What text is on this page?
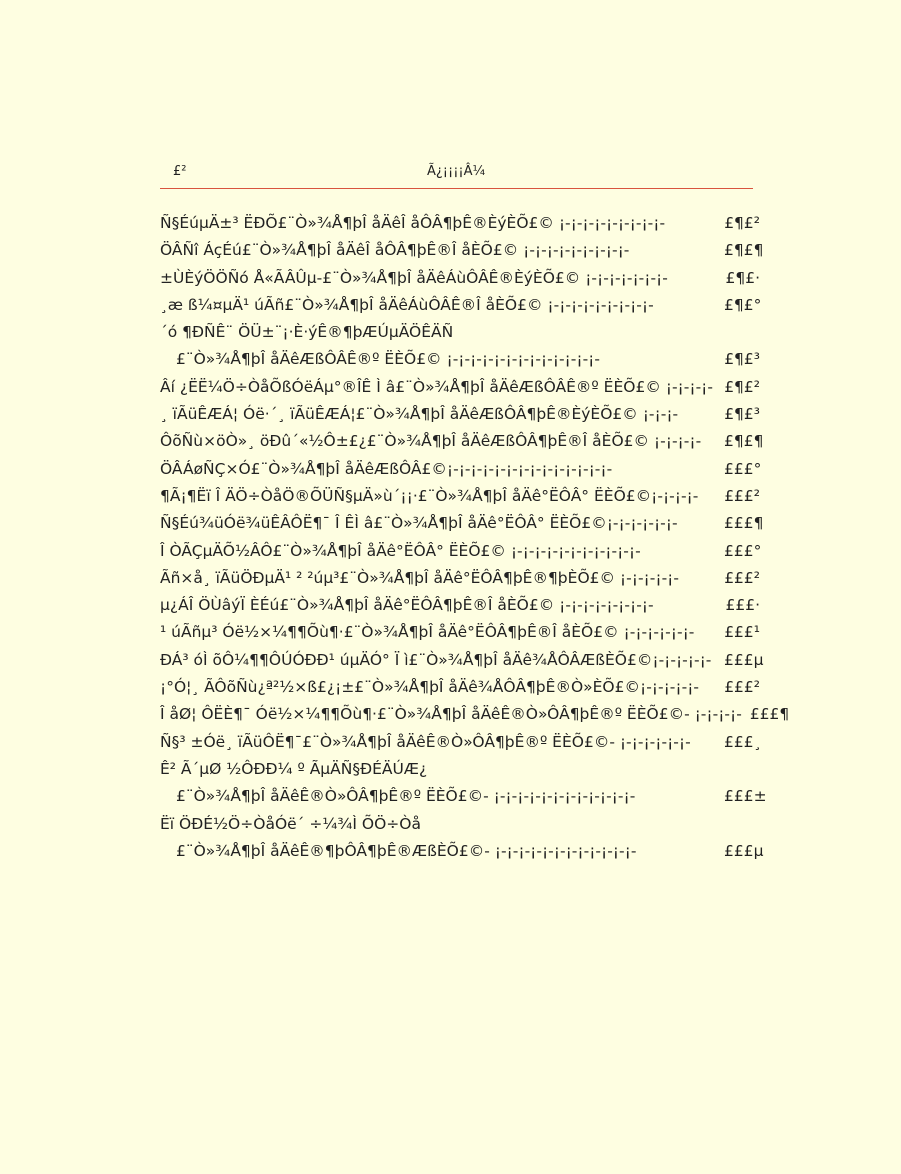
£²	Ã¿¡¡¡¡Â¼
Ñ§ÉúµÄ±³ ËÐÕ£¨Ò»¾Å¶þÎ åÄêÎ åÔÂ¶þÊ®ÈýÈÕ£© ¡-¡-¡-¡-¡-¡-¡-¡-¡-	£¶£²
ÖÂÑî ÁçÉú£¨Ò»¾Å¶þÎ åÄêÎ åÔÂ¶þÊ®Î åÈÕ£© ¡-¡-¡-¡-¡-¡-¡-¡-¡-	£¶£¶
±ÙÈýÖÖÑó Å«ÃÂÛµ-£¨Ò»¾Å¶þÎ åÄêÁùÔÂÊ®ÈýÈÕ£© ¡-¡-¡-¡-¡-¡-¡-	£¶£·
¸æ ß¼¤µÄ¹ úÃñ£¨Ò»¾Å¶þÎ åÄêÁùÔÂÊ®Î åÈÕ£© ¡-¡-¡-¡-¡-¡-¡-¡-¡-	£¶£°
´ó ¶ÐÑÊ¨ ÖÜ±¨¡·È·ýÊ®¶þÆÚµÄÖÊÄÑ
£¨Ò»¾Å¶þÎ åÄêÆßÔÂÊ®º ËÈÕ£© ¡-¡-¡-¡-¡-¡-¡-¡-¡-¡-¡-¡-¡-	£¶£³
Âí ¿ËË¼Ö÷ÒåÕßÓëÁµ°®ÎÊ Ì â£¨Ò»¾Å¶þÎ åÄêÆßÔÂÊ®º ËÈÕ£© ¡-¡-¡-¡- £¶£²
¸ ïÃüÊÆÁ¦ Óë·´¸ ïÃüÊÆÁ¦£¨Ò»¾Å¶þÎ åÄêÆßÔÂ¶þÊ®ÈýÈÕ£© ¡-¡-¡-	£¶£³
ÔõÑù×öÒ»¸ öÐû´«½Ô±£¿£¨Ò»¾Å¶þÎ åÄêÆßÔÂ¶þÊ®Î åÈÕ£© ¡-¡-¡-¡-	£¶£¶
ÖÂÁøÑÇ×Ó£¨Ò»¾Å¶þÎ åÄêÆßÔÂ£©¡-¡-¡-¡-¡-¡-¡-¡-¡-¡-¡-¡-¡-¡-	£££°
¶Ã¡¶Ëï Î ÄÖ÷ÒåÖ®ÕÜÑ§µÄ»ù´¡¡·£¨Ò»¾Å¶þÎ åÄê°ËÔÂ° ËÈÕ£©¡-¡-¡-¡-	£££²
Ñ§Éú¾üÓë¾üÊÂÔË¶¯ Î ÊÌ â£¨Ò»¾Å¶þÎ åÄê°ËÔÂ° ËÈÕ£©¡-¡-¡-¡-¡-¡-	£££¶
Î ÒÃÇµÄÕ½ÂÔ£¨Ò»¾Å¶þÎ åÄê°ËÔÂ° ËÈÕ£© ¡-¡-¡-¡-¡-¡-¡-¡-¡-¡-¡-	£££°
Ãñ×å¸ ïÃüÖÐµÄ¹ ² ²úµ³£¨Ò»¾Å¶þÎ åÄê°ËÔÂ¶þÊ®¶þÈÕ£© ¡-¡-¡-¡-¡-	£££²
µ¿ÁÎ ÖÙâýÏ ÈÉú£¨Ò»¾Å¶þÎ åÄê°ËÔÂ¶þÊ®Î åÈÕ£© ¡-¡-¡-¡-¡-¡-¡-¡-	£££·
¹ úÃñµ³ Óë½×¼¶¶Õù¶·£¨Ò»¾Å¶þÎ åÄê°ËÔÂ¶þÊ®Î åÈÕ£© ¡-¡-¡-¡-¡-¡-	£££¹
ÐÁ³ óÌ õÔ¼¶¶ÔÚÓÐÐ¹ úµÄÓ° Ï ì£¨Ò»¾Å¶þÎ åÄê¾ÅÔÂÆßÈÕ£©¡-¡-¡-¡-¡- £££µ
¡°Ó¦¸ ÃÔõÑù¿ª²½×ß£¿¡±£¨Ò»¾Å¶þÎ åÄê¾ÅÔÂ¶þÊ®Ò»ÈÕ£©¡-¡-¡-¡-¡-	£££²
Î åØ¦ ÔËÈ¶¯ Óë½×¼¶¶Õù¶·£¨Ò»¾Å¶þÎ åÄêÊ®Ò»ÔÂ¶þÊ®º ËÈÕ£©- ¡-¡-¡-¡- £££¶
Ñ§³ ±Óë¸ ïÃüÔË¶¯£¨Ò»¾Å¶þÎ åÄêÊ®Ò»ÔÂ¶þÊ®º ËÈÕ£©- ¡-¡-¡-¡-¡-¡-	£££¸
Ê² Ã´µØ ½ÔÐÐ¼ º ÃµÄÑ§ÐÉÄÚÆ¿
£¨Ò»¾Å¶þÎ åÄêÊ®Ò»ÔÂ¶þÊ®º ËÈÕ£©- ¡-¡-¡-¡-¡-¡-¡-¡-¡-¡-¡-¡-	£££±
Ëï ÖÐÉ½Ö÷ÒåÓë´ ÷¼¾Ì ÕÖ÷Òå
£¨Ò»¾Å¶þÎ åÄêÊ®¶þÔÂ¶þÊ®ÆßÈÕ£©- ¡-¡-¡-¡-¡-¡-¡-¡-¡-¡-¡-¡-	£££µ
